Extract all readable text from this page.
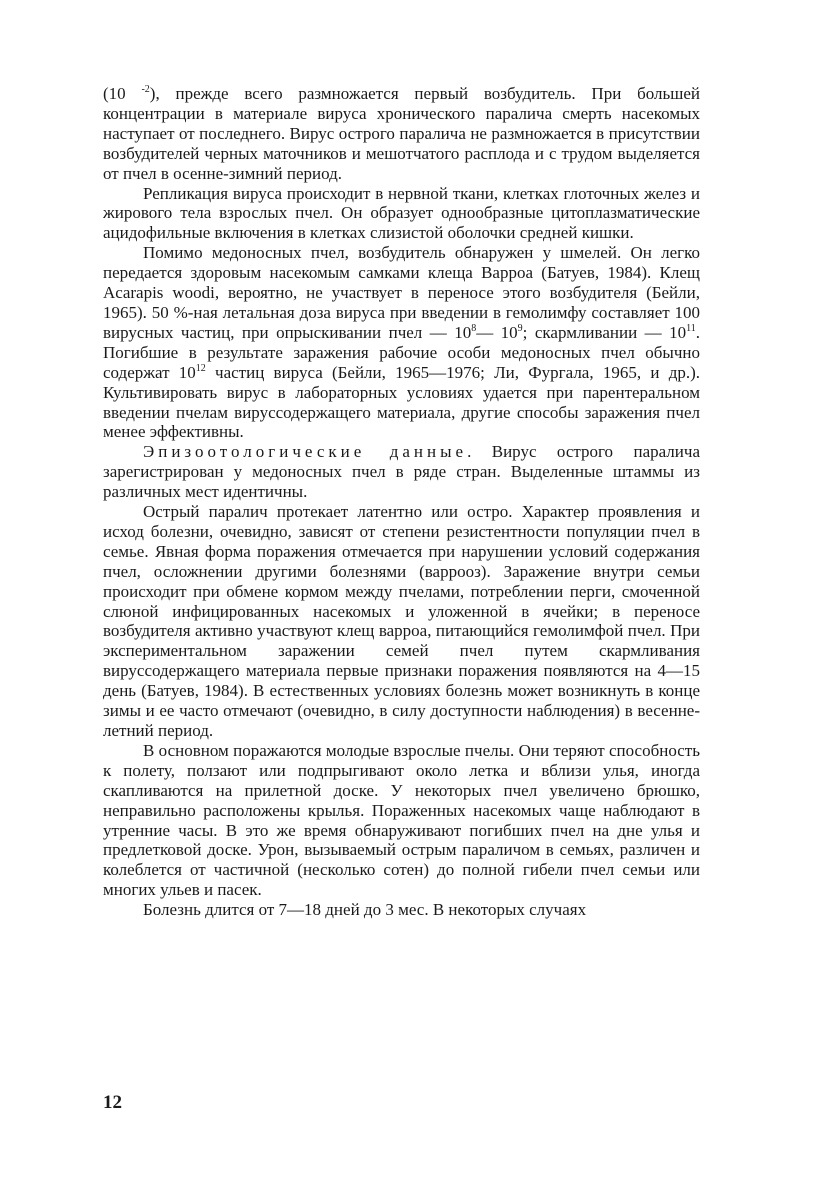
(10 $^{-2}$), прежде всего размножается первый возбудитель. При большей концентрации в материале вируса хронического паралича смерть насекомых наступает от последнего. Вирус острого паралича не размножается в присутствии возбудителей черных маточников и мешотчатого расплода и с трудом выделяется от пчел в осенне-зимний период.

Репликация вируса происходит в нервной ткани, клетках глоточных желез и жирового тела взрослых пчел. Он образует однообразные цитоплазматические ацидофильные включения в клетках слизистой оболочки средней кишки.

Помимо медоносных пчел, возбудитель обнаружен у шмелей. Он легко передается здоровым насекомым самками клеща Варроа (Батуев, 1984). Клещ Acarapis woodi, вероятно, не участвует в переносе этого возбудителя (Бейли, 1965). 50 %-ная летальная доза вируса при введении в гемолимфу составляет 100 вирусных частиц, при опрыскивании пчел — $10^8—$ $10^9$; скармливании — $10^{11}$. Погибшие в результате заражения рабочие особи медоносных пчел обычно содержат $10^{12}$ частиц вируса (Бейли, 1965—1976; Ли, Фургала, 1965, и др.). Культивировать вирус в лабораторных условиях удается при парентеральном введении пчелам вируссодержащего материала, другие способы заражения пчел менее эффективны.

Эпизоотологические данные. Вирус острого паралича зарегистрирован у медоносных пчел в ряде стран. Выделенные штаммы из различных мест идентичны.

Острый паралич протекает латентно или остро. Характер проявления и исход болезни, очевидно, зависят от степени резистентности популяции пчел в семье. Явная форма поражения отмечается при нарушении условий содержания пчел, осложнении другими болезнями (варрооз). Заражение внутри семьи происходит при обмене кормом между пчелами, потреблении перги, смоченной слюной инфицированных насекомых и уложенной в ячейки; в переносе возбудителя активно участвуют клещ варроа, питающийся гемолимфой пчел. При экспериментальном заражении семей пчел путем скармливания вируссодержащего материала первые признаки поражения появляются на 4—15 день (Батуев, 1984). В естественных условиях болезнь может возникнуть в конце зимы и ее часто отмечают (очевидно, в силу доступности наблюдения) в весенне-летний период.

В основном поражаются молодые взрослые пчелы. Они теряют способность к полету, ползают или подпрыгивают около летка и вблизи улья, иногда скапливаются на прилетной доске. У некоторых пчел увеличено брюшко, неправильно расположены крылья. Пораженных насекомых чаще наблюдают в утренние часы. В это же время обнаруживают погибших пчел на дне улья и предлетковой доске. Урон, вызываемый острым параличом в семьях, различен и колеблется от частичной (несколько сотен) до полной гибели пчел семьи или многих ульев и пасек.

Болезнь длится от 7—18 дней до 3 мес. В некоторых случаях

12
